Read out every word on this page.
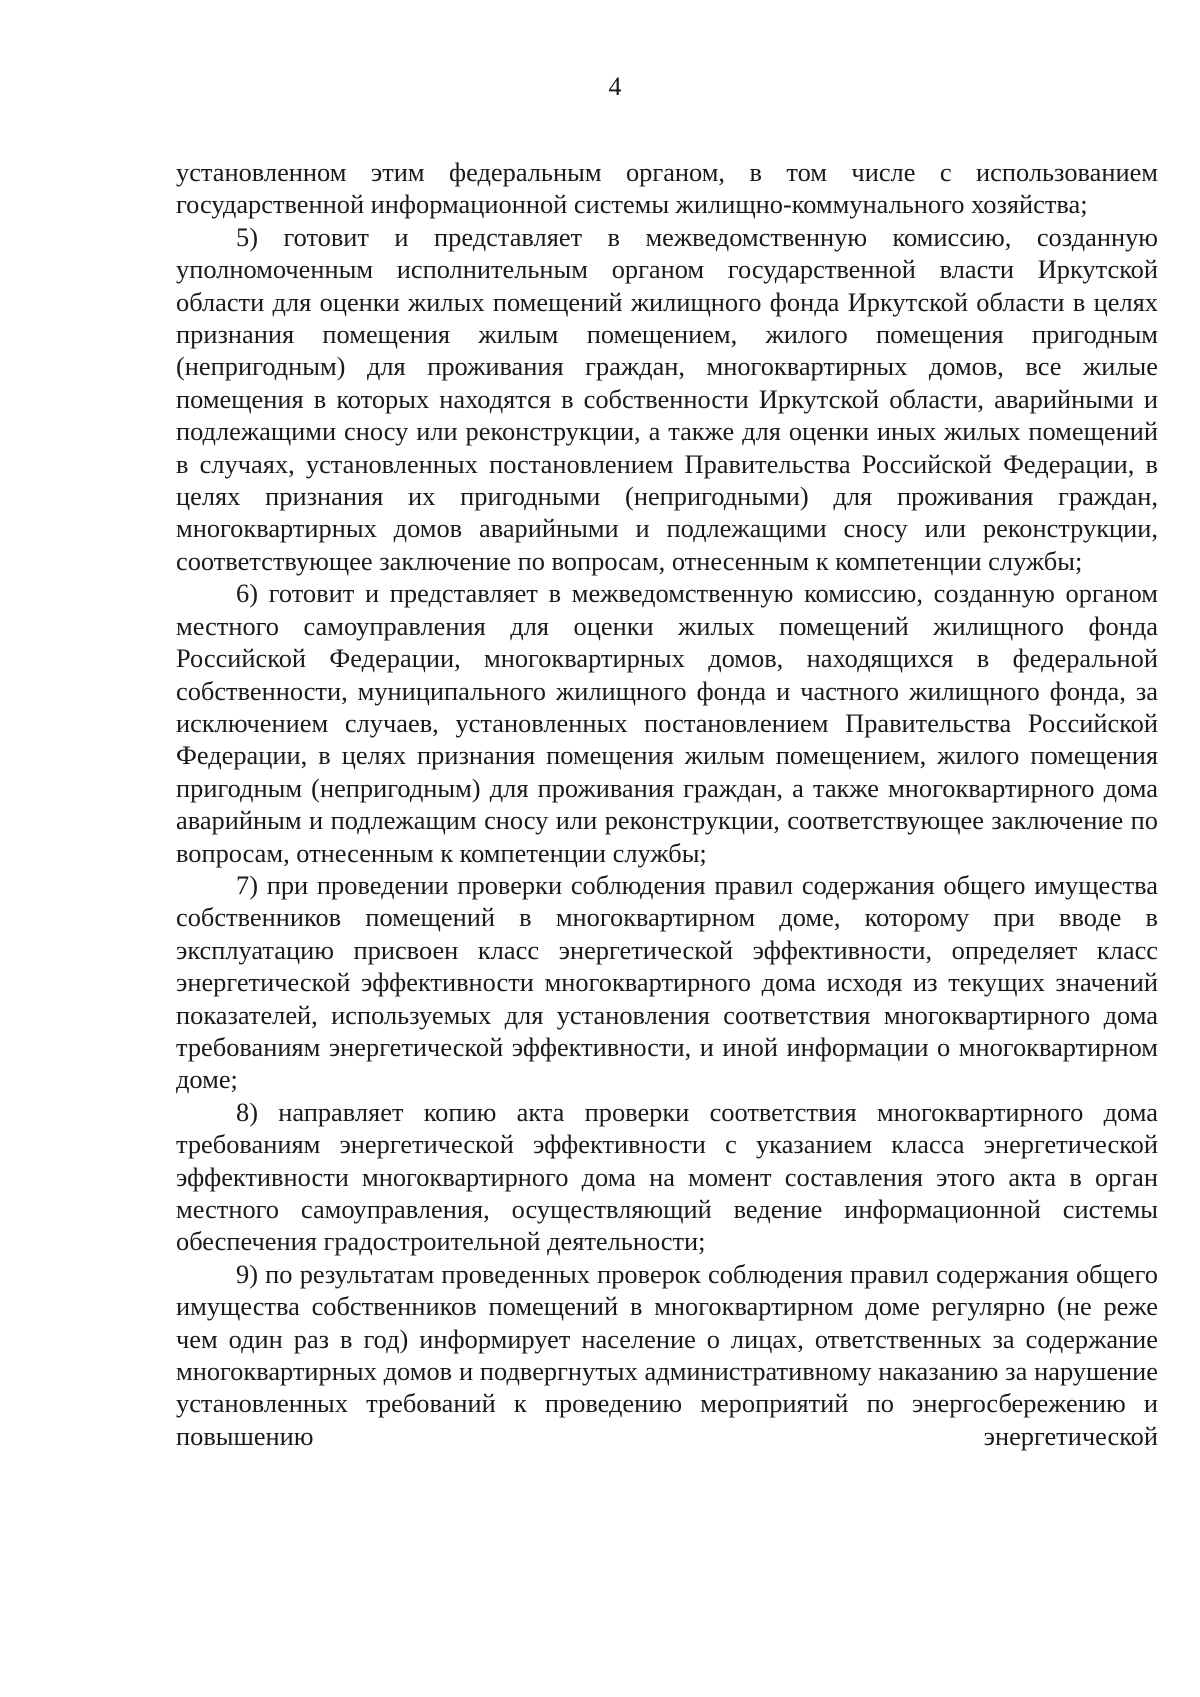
4

установленном этим федеральным органом, в том числе с использованием государственной информационной системы жилищно-коммунального хозяйства;

5) готовит и представляет в межведомственную комиссию, созданную уполномоченным исполнительным органом государственной власти Иркутской области для оценки жилых помещений жилищного фонда Иркутской области в целях признания помещения жилым помещением, жилого помещения пригодным (непригодным) для проживания граждан, многоквартирных домов, все жилые помещения в которых находятся в собственности Иркутской области, аварийными и подлежащими сносу или реконструкции, а также для оценки иных жилых помещений в случаях, установленных постановлением Правительства Российской Федерации, в целях признания их пригодными (непригодными) для проживания граждан, многоквартирных домов аварийными и подлежащими сносу или реконструкции, соответствующее заключение по вопросам, отнесенным к компетенции службы;

6) готовит и представляет в межведомственную комиссию, созданную органом местного самоуправления для оценки жилых помещений жилищного фонда Российской Федерации, многоквартирных домов, находящихся в федеральной собственности, муниципального жилищного фонда и частного жилищного фонда, за исключением случаев, установленных постановлением Правительства Российской Федерации, в целях признания помещения жилым помещением, жилого помещения пригодным (непригодным) для проживания граждан, а также многоквартирного дома аварийным и подлежащим сносу или реконструкции, соответствующее заключение по вопросам, отнесенным к компетенции службы;

7) при проведении проверки соблюдения правил содержания общего имущества собственников помещений в многоквартирном доме, которому при вводе в эксплуатацию присвоен класс энергетической эффективности, определяет класс энергетической эффективности многоквартирного дома исходя из текущих значений показателей, используемых для установления соответствия многоквартирного дома требованиям энергетической эффективности, и иной информации о многоквартирном доме;

8) направляет копию акта проверки соответствия многоквартирного дома требованиям энергетической эффективности с указанием класса энергетической эффективности многоквартирного дома на момент составления этого акта в орган местного самоуправления, осуществляющий ведение информационной системы обеспечения градостроительной деятельности;

9) по результатам проведенных проверок соблюдения правил содержания общего имущества собственников помещений в многоквартирном доме регулярно (не реже чем один раз в год) информирует население о лицах, ответственных за содержание многоквартирных домов и подвергнутых административному наказанию за нарушение установленных требований к проведению мероприятий по энергосбережению и повышению энергетической
